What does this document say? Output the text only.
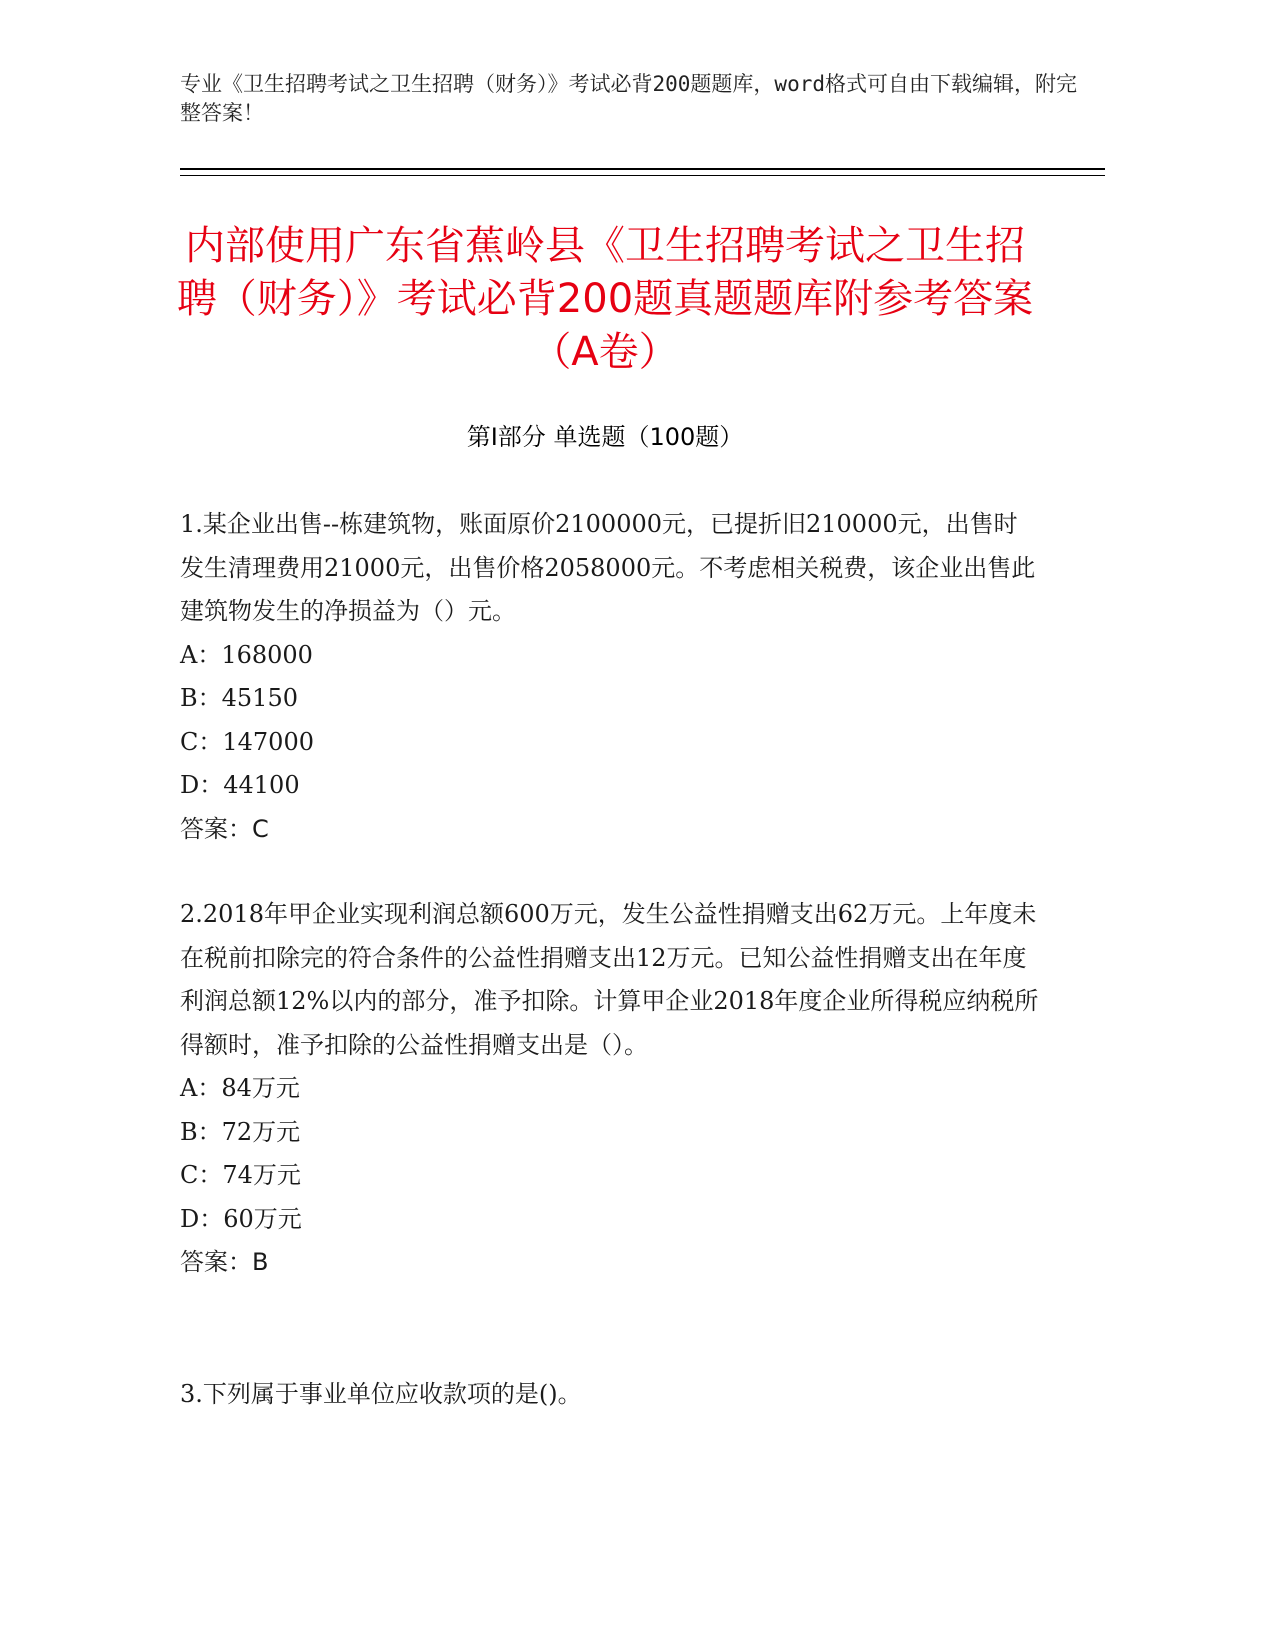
专业《卫生招聘考试之卫生招聘（财务）》考试必背200题题库，word格式可自由下载编辑，附完整答案！

内部使用广东省蕉岭县《卫生招聘考试之卫生招聘（财务）》考试必背200题真题题库附参考答案（A卷）
第I部分 单选题（100题）

1.某企业出售--栋建筑物，账面原价2100000元，已提折旧210000元，出售时发生清理费用21000元，出售价格2058000元。不考虑相关税费，该企业出售此建筑物发生的净损益为（）元。

A：168000
B：45150
C：147000
D：44100

答案：C

2.2018年甲企业实现利润总额600万元，发生公益性捐赠支出62万元。上年度未在税前扣除完的符合条件的公益性捐赠支出12万元。已知公益性捐赠支出在年度利润总额12%以内的部分，准予扣除。计算甲企业2018年度企业所得税应纳税所得额时，准予扣除的公益性捐赠支出是（）。

A：84万元
B：72万元
C：74万元
D：60万元

答案：B

3.下列属于事业单位应收款项的是()。
